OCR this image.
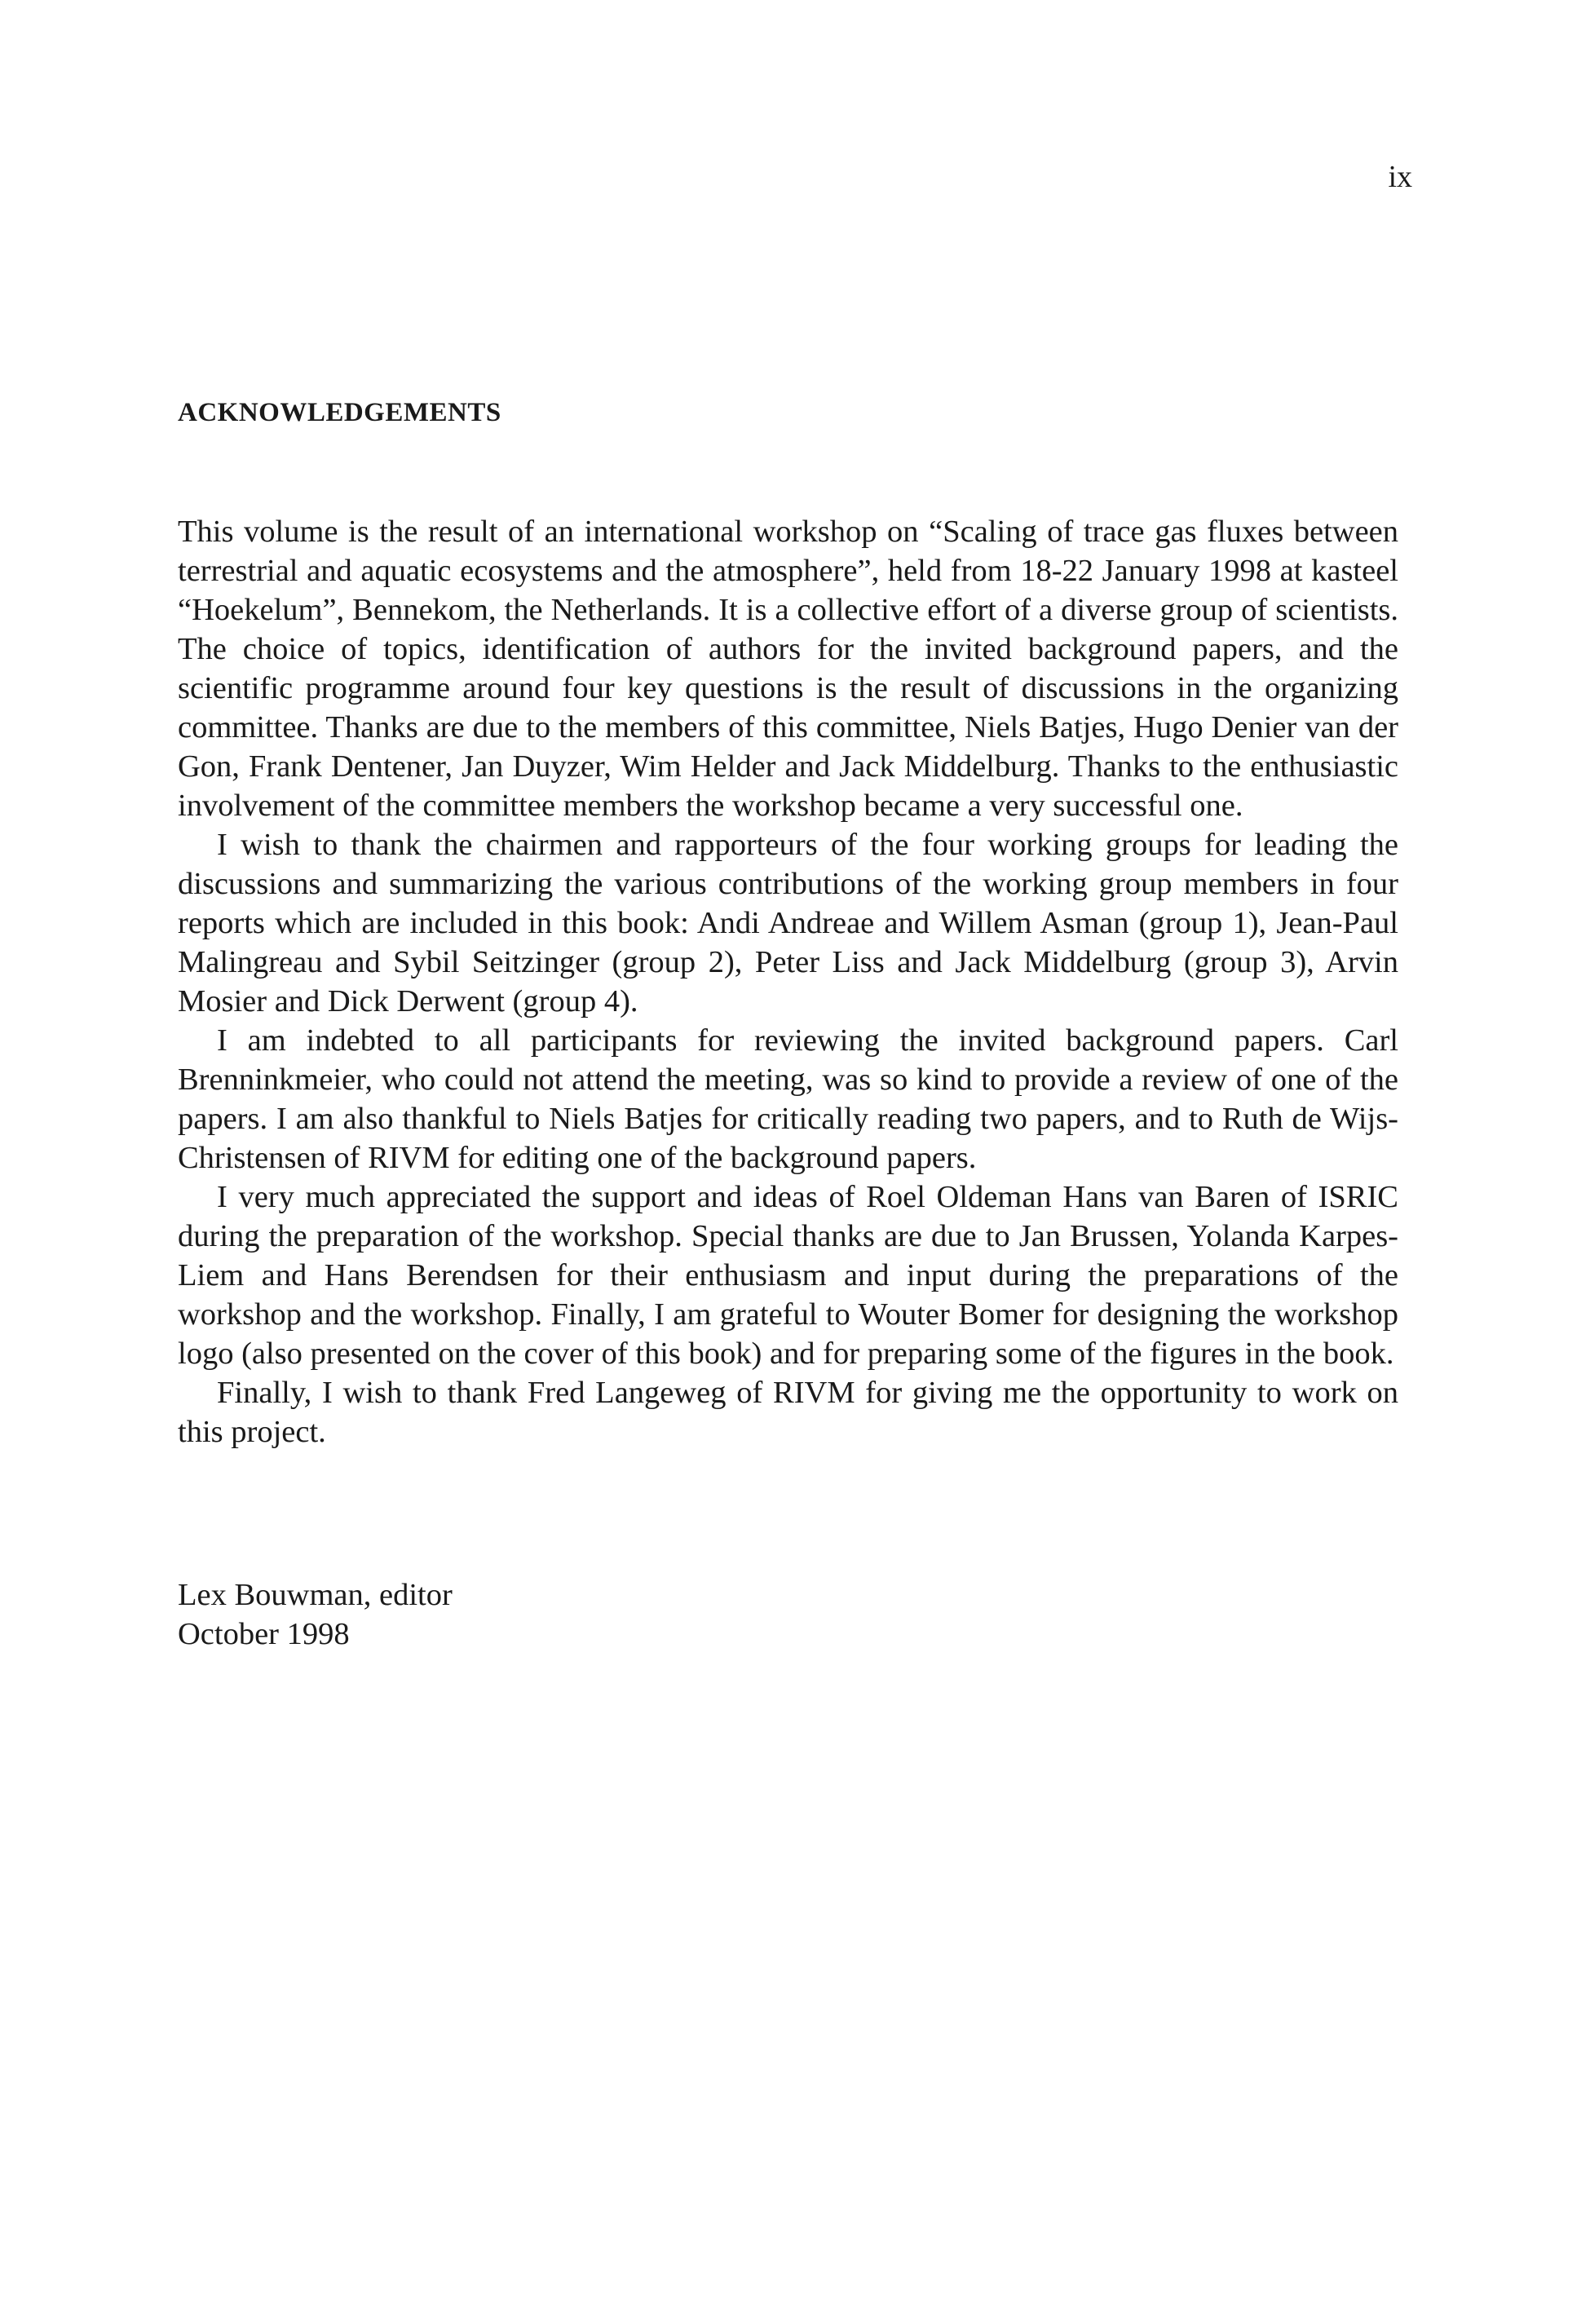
ix
ACKNOWLEDGEMENTS

This volume is the result of an international workshop on “Scaling of trace gas fluxes between terrestrial and aquatic ecosystems and the atmosphere”, held from 18-22 January 1998 at kasteel “Hoekelum”, Bennekom, the Netherlands. It is a collective effort of a diverse group of scientists. The choice of topics, identification of authors for the invited background papers, and the scientific programme around four key questions is the result of discussions in the organizing committee. Thanks are due to the members of this committee, Niels Batjes, Hugo Denier van der Gon, Frank Dentener, Jan Duyzer, Wim Helder and Jack Middelburg. Thanks to the enthusiastic involvement of the committee members the workshop became a very successful one.

I wish to thank the chairmen and rapporteurs of the four working groups for leading the discussions and summarizing the various contributions of the working group members in four reports which are included in this book: Andi Andreae and Willem Asman (group 1), Jean-Paul Malingreau and Sybil Seitzinger (group 2), Peter Liss and Jack Middelburg (group 3), Arvin Mosier and Dick Derwent (group 4).

I am indebted to all participants for reviewing the invited background papers. Carl Brenninkmeier, who could not attend the meeting, was so kind to provide a review of one of the papers. I am also thankful to Niels Batjes for critically reading two papers, and to Ruth de Wijs-Christensen of RIVM for editing one of the background papers.

I very much appreciated the support and ideas of Roel Oldeman Hans van Baren of ISRIC during the preparation of the workshop. Special thanks are due to Jan Brussen, Yolanda Karpes-Liem and Hans Berendsen for their enthusiasm and input during the preparations of the workshop and the workshop. Finally, I am grateful to Wouter Bomer for designing the workshop logo (also presented on the cover of this book) and for preparing some of the figures in the book.

Finally, I wish to thank Fred Langeweg of RIVM for giving me the opportunity to work on this project.

Lex Bouwman, editor
October 1998
